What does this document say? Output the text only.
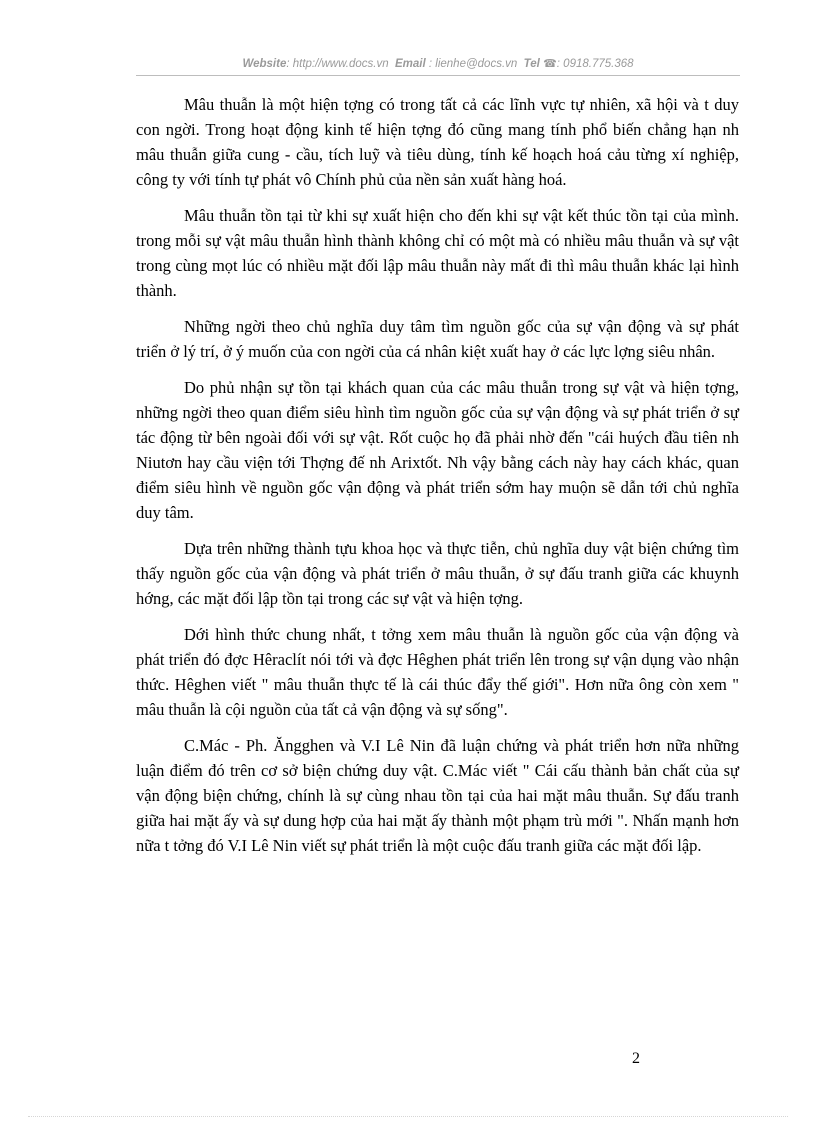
Website: http://www.docs.vn Email : lienhe@docs.vn Tel ☎: 0918.775.368

Mâu thuẫn là một hiện tợng có trong tất cả các lĩnh vực tự nhiên, xã hội và t duy con ngời. Trong hoạt động kinh tế hiện tợng đó cũng mang tính phổ biến chẳng hạn nh mâu thuẫn giữa cung - cầu, tích luỹ và tiêu dùng, tính kế hoạch hoá cảu từng xí nghiệp, công ty với tính tự phát vô Chính phủ của nền sản xuất hàng hoá.

Mâu thuẫn tồn tại từ khi sự xuất hiện cho đến khi sự vật kết thúc tồn tại của mình. trong mỗi sự vật mâu thuẫn hình thành không chỉ có một mà có nhiều mâu thuẫn và sự vật trong cùng mọt lúc có nhiều mặt đối lập mâu thuẫn này mất đi thì mâu thuẫn khác lại hình thành.

Những ngời theo chủ nghĩa duy tâm tìm nguồn gốc của sự vận động và sự phát triển ở lý trí, ở ý muốn của con ngời của cá nhân kiệt xuất hay ở các lực lợng siêu nhân.

Do phủ nhận sự tồn tại khách quan của các mâu thuẫn trong sự vật và hiện tợng, những ngời theo quan điểm siêu hình tìm nguồn gốc của sự vận động và sự phát triển ở sự tác động từ bên ngoài đối với sự vật. Rốt cuộc họ đã phải nhờ đến "cái huých đầu tiên nh Niutơn hay cầu viện tới Thợng đế nh Arixtốt. Nh vậy bằng cách này hay cách khác, quan điểm siêu hình về nguồn gốc vận động và phát triển sớm hay muộn sẽ dẫn tới chủ nghĩa duy tâm.

Dựa trên những thành tựu khoa học và thực tiễn, chủ nghĩa duy vật biện chứng tìm thấy nguồn gốc của vận động và phát triển ở mâu thuẫn, ở sự đấu tranh giữa các khuynh hớng, các mặt đối lập tồn tại trong các sự vật và hiện tợng.

Dới hình thức chung nhất, t tởng xem mâu thuẫn là nguồn gốc của vận động và phát triển đó đợc Hêraclít nói tới và đợc Hêghen phát triển lên trong sự vận dụng vào nhận thức. Hêghen viết " mâu thuẫn thực tế là cái thúc đẩy thế giới". Hơn nữa ông còn xem " mâu thuẫn là cội nguồn của tất cả vận động và sự sống".

C.Mác - Ph. Ăngghen và V.I Lê Nin đã luận chứng và phát triển hơn nữa những luận điểm đó trên cơ sở biện chứng duy vật. C.Mác viết " Cái cấu thành bản chất của sự vận động biện chứng, chính là sự cùng nhau tồn tại của hai mặt mâu thuẫn. Sự đấu tranh giữa hai mặt ấy và sự dung hợp của hai mặt ấy thành một phạm trù mới ". Nhấn mạnh hơn nữa t tởng đó V.I Lê Nin viết sự phát triển là một cuộc đấu tranh giữa các mặt đối lập.

2
